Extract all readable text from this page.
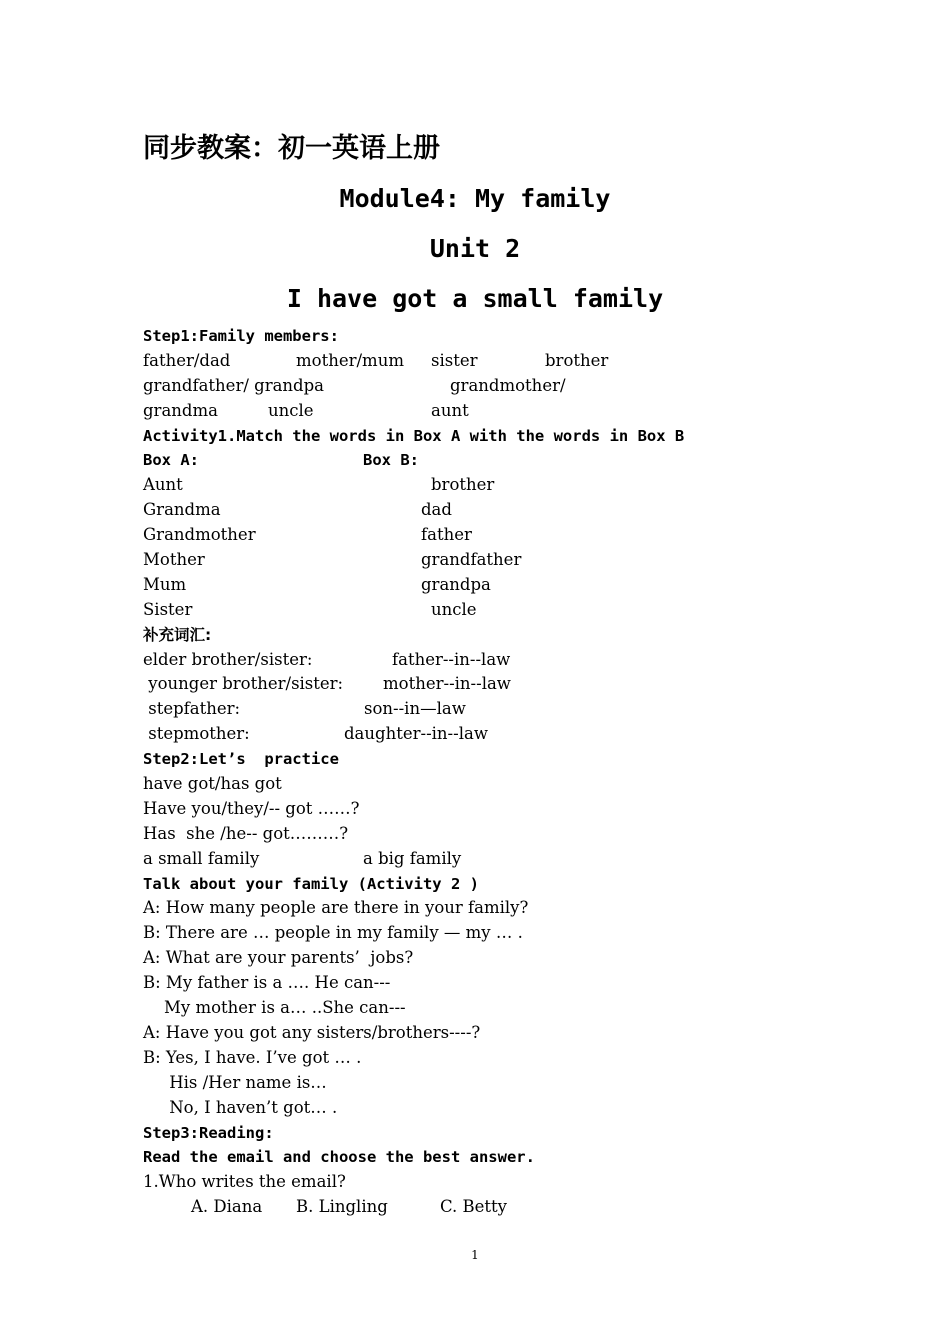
同步教案：初一英语上册
Module4: My family
Unit 2
I have got a small family
Step1:Family members:
father/dad	mother/mum sister	brother
grandfather/ grandpa	grandmother/
grandma	uncle	aunt
Activity1.Match the words in Box A with the words in Box B
Box A:	Box B:
Aunt	brother
Grandma	dad
Grandmother	father
Mother	grandfather
Mum	grandpa
Sister	uncle
补充词汇:
elder brother/sister:	father--in--law
younger brother/sister: mother--in--law
stepfather:	son--in—law
stepmother:	daughter--in--law
Step2:Let’s  practice
have got/has got
Have you/they/-- got ……?
Has  she /he-- got………?
a small family	a big family
Talk about your family (Activity 2 )
A: How many people are there in your family?
B: There are … people in my family — my … .
A: What are your parents’  jobs?
B: My father is a …. He can---
My mother is a… ..She can---
A: Have you got any sisters/brothers----?
B: Yes, I have. I’ve got … .
His /Her name is…
No, I haven’t got… .
Step3:Reading:
Read the email and choose the best answer.
1.Who writes the email?
A. Diana B. Lingling	C. Betty
1
